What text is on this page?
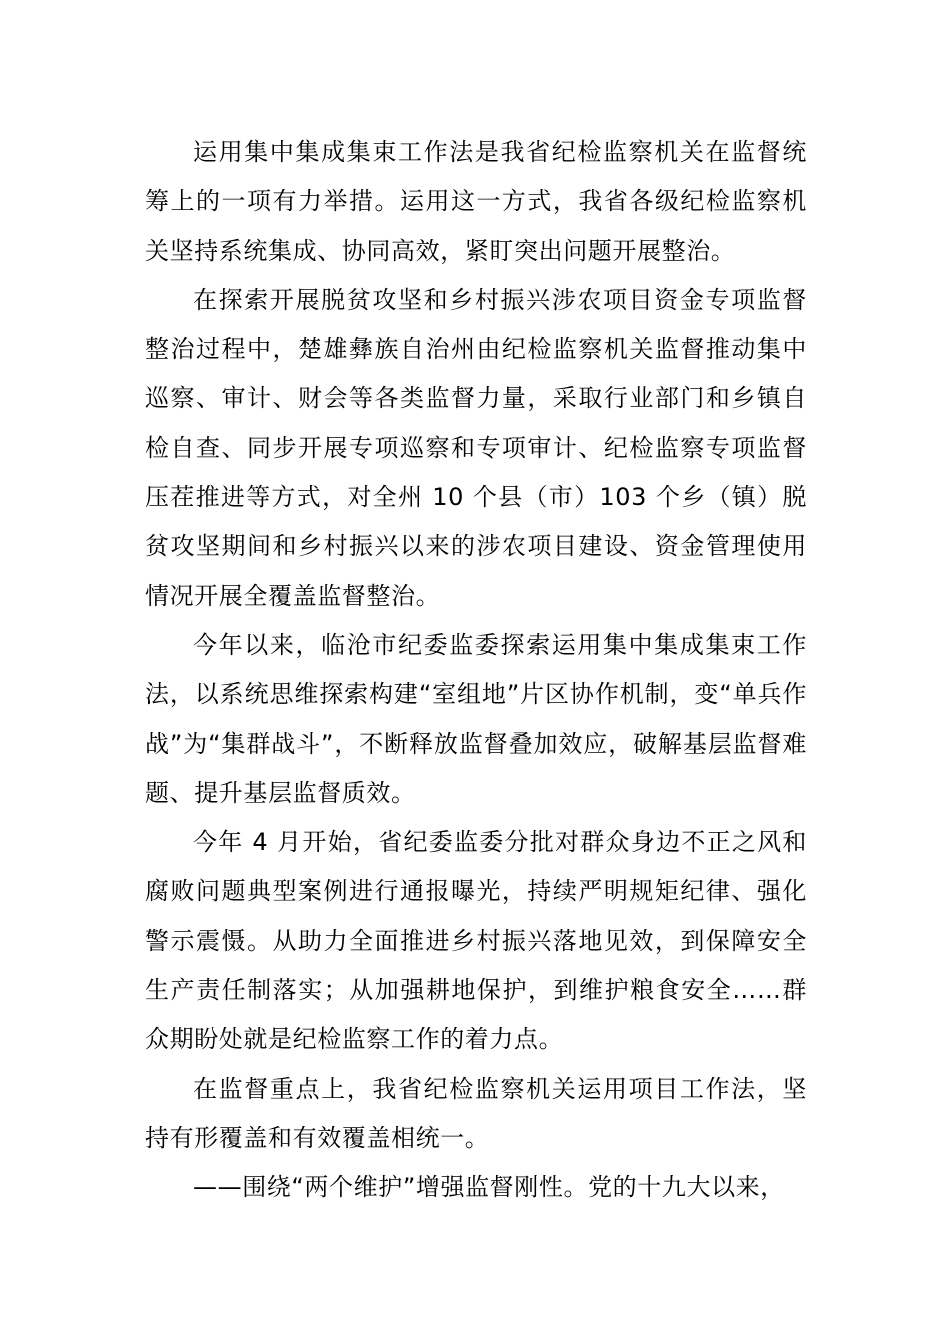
运用集中集成集束工作法是我省纪检监察机关在监督统筹上的一项有力举措。运用这一方式，我省各级纪检监察机关坚持系统集成、协同高效，紧盯突出问题开展整治。

在探索开展脱贫攻坚和乡村振兴涉农项目资金专项监督整治过程中，楚雄彝族自治州由纪检监察机关监督推动集中巡察、审计、财会等各类监督力量，采取行业部门和乡镇自检自查、同步开展专项巡察和专项审计、纪检监察专项监督压茬推进等方式，对全州 10 个县（市）103 个乡（镇）脱贫攻坚期间和乡村振兴以来的涉农项目建设、资金管理使用情况开展全覆盖监督整治。

今年以来，临沧市纪委监委探索运用集中集成集束工作法，以系统思维探索构建“室组地”片区协作机制，变“单兵作战”为“集群战斗”，不断释放监督叠加效应，破解基层监督难题、提升基层监督质效。

今年 4 月开始，省纪委监委分批对群众身边不正之风和腐败问题典型案例进行通报曝光，持续严明规矩纪律、强化警示震慑。从助力全面推进乡村振兴落地见效，到保障安全生产责任制落实；从加强耕地保护，到维护粮食安全……群众期盼处就是纪检监察工作的着力点。

在监督重点上，我省纪检监察机关运用项目工作法，坚持有形覆盖和有效覆盖相统一。

——围绕“两个维护”增强监督刚性。党的十九大以来，
